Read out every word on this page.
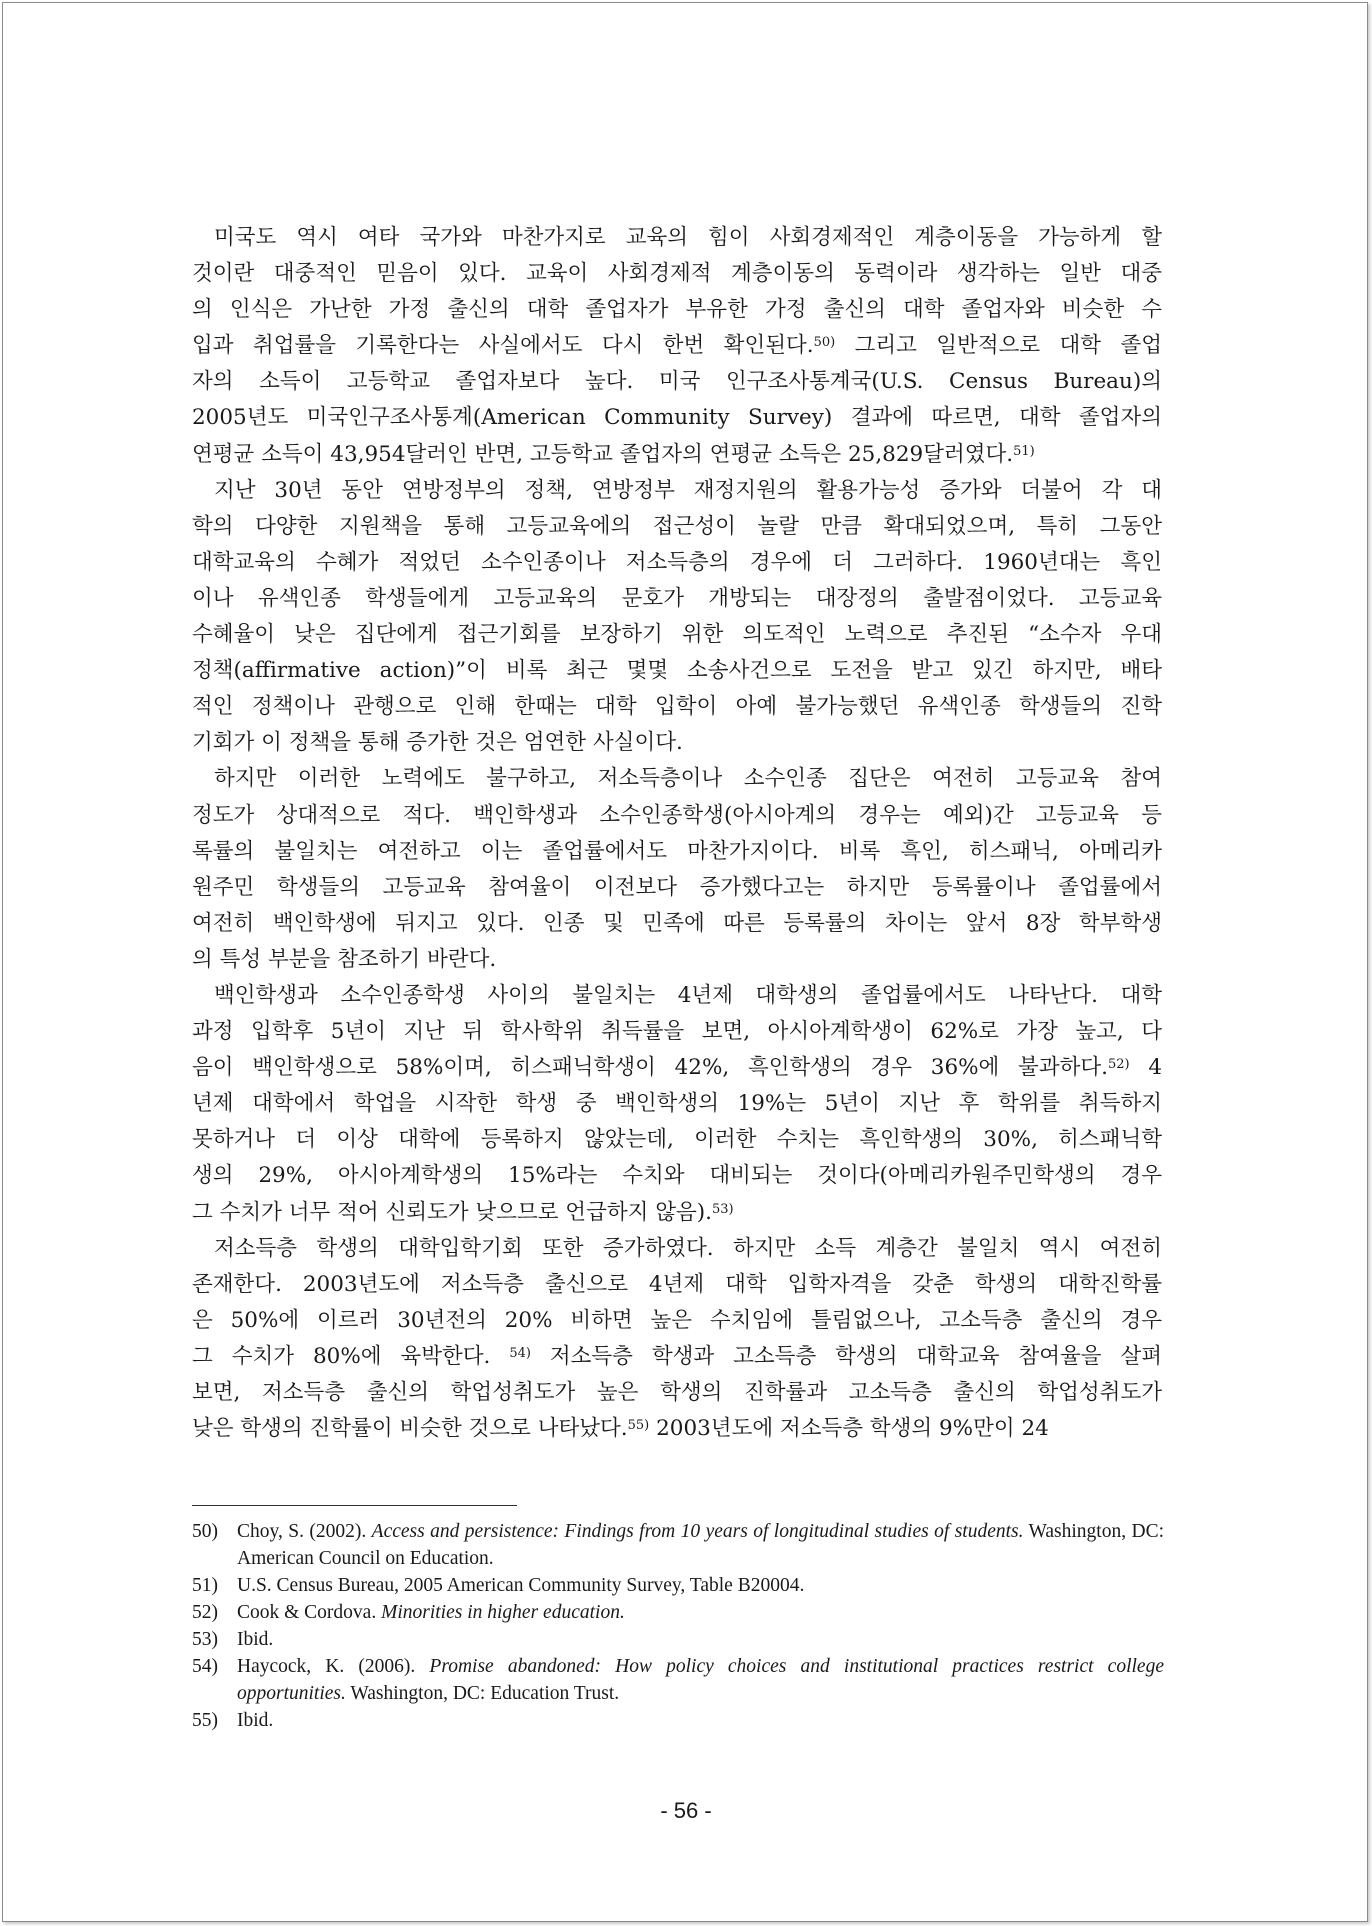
미국도 역시 여타 국가와 마찬가지로 교육의 힘이 사회경제적인 계층이동을 가능하게 할
것이란 대중적인 믿음이 있다. 교육이 사회경제적 계층이동의 동력이라 생각하는 일반 대중
의 인식은 가난한 가정 출신의 대학 졸업자가 부유한 가정 출신의 대학 졸업자와 비슷한 수
입과 취업률을 기록한다는 사실에서도 다시 한번 확인된다.$^{50)}$ 그리고 일반적으로 대학 졸업
자의 소득이 고등학교 졸업자보다 높다. 미국 인구조사통계국(U.S. Census Bureau)의
2005년도 미국인구조사통계(American Community Survey) 결과에 따르면, 대학 졸업자의
연평균 소득이 43,954달러인 반면, 고등학교 졸업자의 연평균 소득은 25,829달러였다.$^{51)}$
지난 30년 동안 연방정부의 정책, 연방정부 재정지원의 활용가능성 증가와 더불어 각 대
학의 다양한 지원책을 통해 고등교육에의 접근성이 놀랄 만큼 확대되었으며, 특히 그동안
대학교육의 수혜가 적었던 소수인종이나 저소득층의 경우에 더 그러하다. 1960년대는 흑인
이나 유색인종 학생들에게 고등교육의 문호가 개방되는 대장정의 출발점이었다. 고등교육
수혜율이 낮은 집단에게 접근기회를 보장하기 위한 의도적인 노력으로 추진된 “소수자 우대
정책(affirmative action)”이 비록 최근 몇몇 소송사건으로 도전을 받고 있긴 하지만, 배타
적인 정책이나 관행으로 인해 한때는 대학 입학이 아예 불가능했던 유색인종 학생들의 진학
기회가 이 정책을 통해 증가한 것은 엄연한 사실이다.
하지만 이러한 노력에도 불구하고, 저소득층이나 소수인종 집단은 여전히 고등교육 참여
정도가 상대적으로 적다. 백인학생과 소수인종학생(아시아계의 경우는 예외)간 고등교육 등
록률의 불일치는 여전하고 이는 졸업률에서도 마찬가지이다. 비록 흑인, 히스패닉, 아메리카
원주민 학생들의 고등교육 참여율이 이전보다 증가했다고는 하지만 등록률이나 졸업률에서
여전히 백인학생에 뒤지고 있다. 인종 및 민족에 따른 등록률의 차이는 앞서 8장 학부학생
의 특성 부분을 참조하기 바란다.
백인학생과 소수인종학생 사이의 불일치는 4년제 대학생의 졸업률에서도 나타난다. 대학
과정 입학후 5년이 지난 뒤 학사학위 취득률을 보면, 아시아계학생이 62%로 가장 높고, 다
음이 백인학생으로 58%이며, 히스패닉학생이 42%, 흑인학생의 경우 36%에 불과하다.$^{52)}$ 4
년제 대학에서 학업을 시작한 학생 중 백인학생의 19%는 5년이 지난 후 학위를 취득하지
못하거나 더 이상 대학에 등록하지 않았는데, 이러한 수치는 흑인학생의 30%, 히스패닉학
생의 29%, 아시아계학생의 15%라는 수치와 대비되는 것이다(아메리카원주민학생의 경우
그 수치가 너무 적어 신뢰도가 낮으므로 언급하지 않음).$^{53)}$
저소득층 학생의 대학입학기회 또한 증가하였다. 하지만 소득 계층간 불일치 역시 여전히
존재한다. 2003년도에 저소득층 출신으로 4년제 대학 입학자격을 갖춘 학생의 대학진학률
은 50%에 이르러 30년전의 20% 비하면 높은 수치임에 틀림없으나, 고소득층 출신의 경우
그 수치가 80%에 육박한다. $^{54)}$ 저소득층 학생과 고소득층 학생의 대학교육 참여율을 살펴
보면, 저소득층 출신의 학업성취도가 높은 학생의 진학률과 고소득층 출신의 학업성취도가
낮은 학생의 진학률이 비슷한 것으로 나타났다.$^{55)}$ 2003년도에 저소득층 학생의 9%만이 24
50) Choy, S. (2002). Access and persistence: Findings from 10 years of longitudinal studies of students. Washington, DC: American Council on Education.
51) U.S. Census Bureau, 2005 American Community Survey, Table B20004.
52) Cook & Cordova. Minorities in higher education.
53) Ibid.
54) Haycock, K. (2006). Promise abandoned: How policy choices and institutional practices restrict college opportunities. Washington, DC: Education Trust.
55) Ibid.
- 56 -
